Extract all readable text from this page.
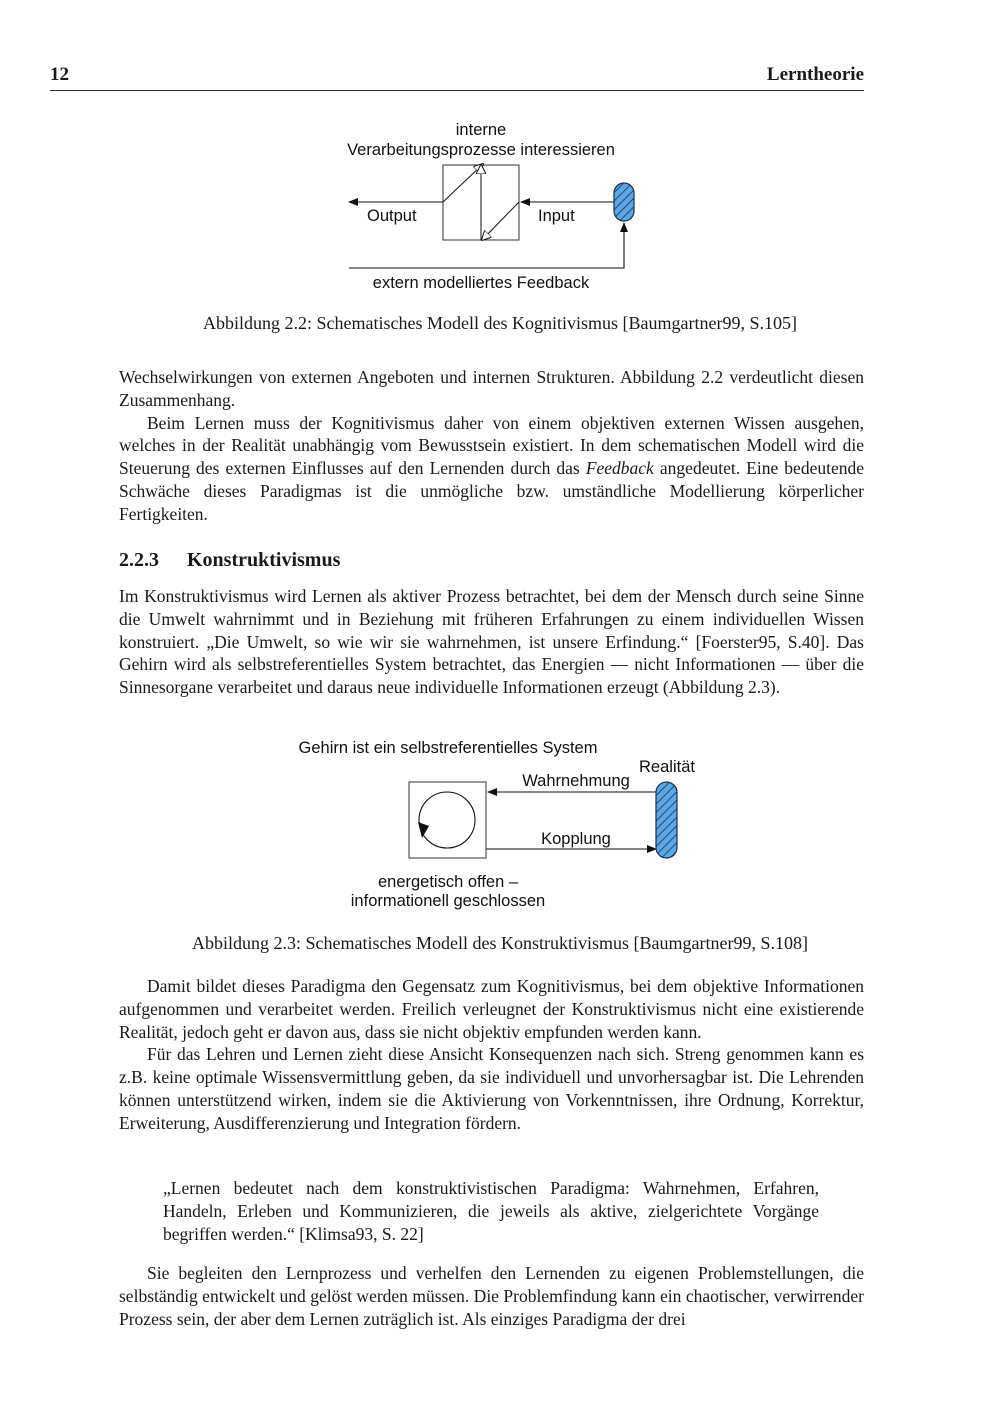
12	Lerntheorie
interne
Verarbeitungsprozesse interessieren
Output	Input
extern modelliertes Feedback
Abbildung 2.2: Schematisches Modell des Kognitivismus [Baumgartner99, S.105]

Wechselwirkungen von externen Angeboten und internen Strukturen. Abbildung 2.2 verdeutlicht diesen Zusammenhang.

Beim Lernen muss der Kognitivismus daher von einem objektiven externen Wissen ausgehen, welches in der Realität unabhängig vom Bewusstsein existiert. In dem schematischen Modell wird die Steuerung des externen Einflusses auf den Lernenden durch das Feedback angedeutet. Eine bedeutende Schwäche dieses Paradigmas ist die unmögliche bzw. umständliche Modellierung körperlicher Fertigkeiten.

2.2.3 Konstruktivismus

Im Konstruktivismus wird Lernen als aktiver Prozess betrachtet, bei dem der Mensch durch seine Sinne die Umwelt wahrnimmt und in Beziehung mit früheren Erfahrungen zu einem individuellen Wissen konstruiert. „Die Umwelt, so wie wir sie wahrnehmen, ist unsere Erfindung.“ [Foerster95, S.40]. Das Gehirn wird als selbstreferentielles System betrachtet, das Energien — nicht Informationen — über die Sinnesorgane verarbeitet und daraus neue individuelle Informationen erzeugt (Abbildung 2.3).

Gehirn ist ein selbstreferentielles System
Realität
Wahrnehmung
Kopplung
energetisch offen –
informationell geschlossen
Abbildung 2.3: Schematisches Modell des Konstruktivismus [Baumgartner99, S.108]

Damit bildet dieses Paradigma den Gegensatz zum Kognitivismus, bei dem objektive Informationen aufgenommen und verarbeitet werden. Freilich verleugnet der Konstruktivismus nicht eine existierende Realität, jedoch geht er davon aus, dass sie nicht objektiv empfunden werden kann.

Für das Lehren und Lernen zieht diese Ansicht Konsequenzen nach sich. Streng genommen kann es z.B. keine optimale Wissensvermittlung geben, da sie individuell und unvorhersagbar ist. Die Lehrenden können unterstützend wirken, indem sie die Aktivierung von Vorkenntnissen, ihre Ordnung, Korrektur, Erweiterung, Ausdifferenzierung und Integration fördern.

„Lernen bedeutet nach dem konstruktivistischen Paradigma: Wahrnehmen, Erfahren, Handeln, Erleben und Kommunizieren, die jeweils als aktive, zielgerichtete Vorgänge begriffen werden.“ [Klimsa93, S. 22]

Sie begleiten den Lernprozess und verhelfen den Lernenden zu eigenen Problemstellungen, die selbständig entwickelt und gelöst werden müssen. Die Problemfindung kann ein chaotischer, verwirrender Prozess sein, der aber dem Lernen zuträglich ist. Als einziges Paradigma der drei
